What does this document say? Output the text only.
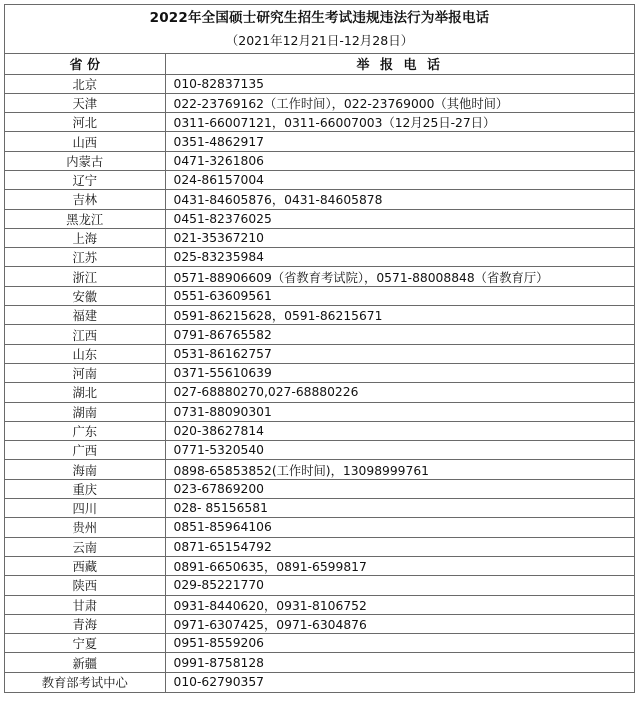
2022年全国硕士研究生招生考试违规违法行为举报电话
（2021年12月21日-12月28日）
省 份	举 报 电 话
北京	010-82837135
天津	022-23769162（工作时间），022-23769000（其他时间）
河北	0311-66007121，0311-66007003（12月25日-27日）
山西	0351-4862917
内蒙古	0471-3261806
辽宁	024-86157004
吉林	0431-84605876，0431-84605878
黑龙江	0451-82376025
上海	021-35367210
江苏	025-83235984
浙江	0571-88906609（省教育考试院），0571-88008848（省教育厅）
安徽	0551-63609561
福建	0591-86215628，0591-86215671
江西	0791-86765582
山东	0531-86162757
河南	0371-55610639
湖北	027-68880270,027-68880226
湖南	0731-88090301
广东	020-38627814
广西	0771-5320540
海南	0898-65853852(工作时间)，13098999761
重庆	023-67869200
四川	028- 85156581
贵州	0851-85964106
云南	0871-65154792
西藏	0891-6650635，0891-6599817
陕西	029-85221770
甘肃	0931-8440620，0931-8106752
青海	0971-6307425，0971-6304876
宁夏	0951-8559206
新疆	0991-8758128
教育部考试中心	010-62790357
